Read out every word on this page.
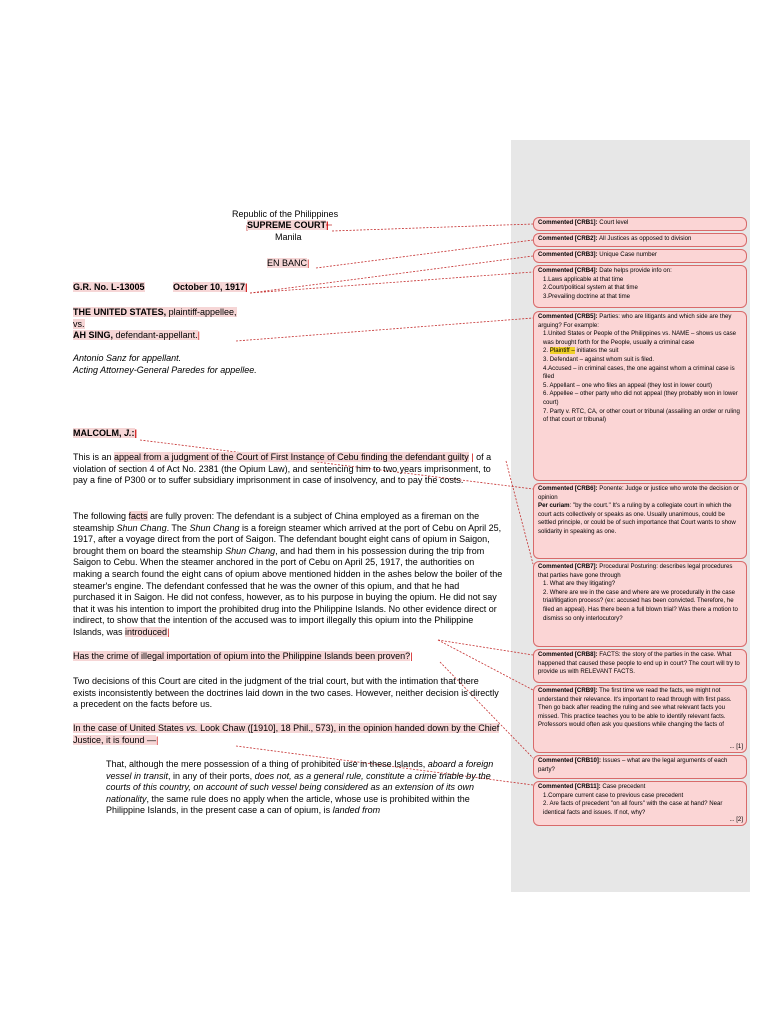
Republic of the Philippines
SUPREME COURT|
Manila
EN BANC|
G.R. No. L-13005	October 10, 1917|
THE UNITED STATES, plaintiff-appellee,
vs.
AH SING, defendant-appellant.|
Antonio Sanz for appellant.
Acting Attorney-General Paredes for appellee.
MALCOLM, J.:|
This is an appeal from a judgment of the Court of First Instance of Cebu finding the defendant guilty | of a violation of section 4 of Act No. 2381 (the Opium Law), and sentencing him to two years imprisonment, to pay a fine of P300 or to suffer subsidiary imprisonment in case of insolvency, and to pay the costs.
The following facts are fully proven: The defendant is a subject of China employed as a fireman on the steamship Shun Chang. The Shun Chang is a foreign steamer which arrived at the port of Cebu on April 25, 1917, after a voyage direct from the port of Saigon. The defendant bought eight cans of opium in Saigon, brought them on board the steamship Shun Chang, and had them in his possession during the trip from Saigon to Cebu. When the steamer anchored in the port of Cebu on April 25, 1917, the authorities on making a search found the eight cans of opium above mentioned hidden in the ashes below the boiler of the steamer's engine. The defendant confessed that he was the owner of this opium, and that he had purchased it in Saigon. He did not confess, however, as to his purpose in buying the opium. He did not say that it was his intention to import the prohibited drug into the Philippine Islands. No other evidence direct or indirect, to show that the intention of the accused was to import illegally this opium into the Philippine Islands, was introduced|
Has the crime of illegal importation of opium into the Philippine Islands been proven?|
Two decisions of this Court are cited in the judgment of the trial court, but with the intimation that there exists inconsistently between the doctrines laid down in the two cases. However, neither decision is directly a precedent on the facts before us.
In the case of United States vs. Look Chaw ([1910], 18 Phil., 573), in the opinion handed down by the Chief Justice, it is found —|
That, although the mere possession of a thing of prohibited use in these Islands, aboard a foreign vessel in transit, in any of their ports, does not, as a general rule, constitute a crime triable by the courts of this country, on account of such vessel being considered as an extension of its own nationality, the same rule does no apply when the article, whose use is prohibited within the Philippine Islands, in the present case a can of opium, is landed from
Commented [CRB1]: Court level
Commented [CRB2]: All Justices as opposed to division
Commented [CRB3]: Unique Case number
Commented [CRB4]: Date helps provide info on:
1.Laws applicable at that time
2.Court/political system at that time
3.Prevailing doctrine at that time
Commented [CRB5]: Parties: who are litigants and which side are they arguing? For example:
1.United States or People of the Philippines vs. NAME – shows us case was brought forth for the People, usually a criminal case
2. Plaintiff – initiates the suit
3. Defendant – against whom suit is filed.
4.Accused – in criminal cases, the one against whom a criminal case is filed
5. Appellant – one who files an appeal (they lost in lower court)
6. Appellee – other party who did not appeal (they probably won in lower court)
7. Party v. RTC, CA, or other court or tribunal (assailing an order or ruling of that court or tribunal)
Commented [CRB6]: Ponente: Judge or justice who wrote the decision or opinion
Per curiam: "by the court." It's a ruling by a collegiate court in which the court acts collectively or speaks as one. Usually unanimous, could be settled principle, or could be of such importance that Court wants to show solidarity in speaking as one.
Commented [CRB7]: Procedural Posturing: describes legal procedures that parties have gone through
1. What are they litigating?
2. Where are we in the case and where are we procedurally in the case trial/litigation process? (ex: accused has been convicted. Therefore, he filed an appeal). Has there been a full blown trial? Was there a motion to dismiss so only interlocutory?
Commented [CRB8]: FACTS: the story of the parties in the case. What happened that caused these people to end up in court? The court will try to provide us with RELEVANT FACTS.
Commented [CRB9]: The first time we read the facts, we might not understand their relevance. It's important to read through with first pass. Then go back after reading the ruling and see what relevant facts you missed. This practice teaches you to be able to identify relevant facts. Professors would often ask you questions while changing the facts of
... [1]
Commented [CRB10]: Issues – what are the legal arguments of each party?
Commented [CRB11]: Case precedent
1.Compare current case to previous case precedent
2. Are facts of precedent "on all fours" with the case at hand? Near identical facts and issues. If not, why?
... [2]
